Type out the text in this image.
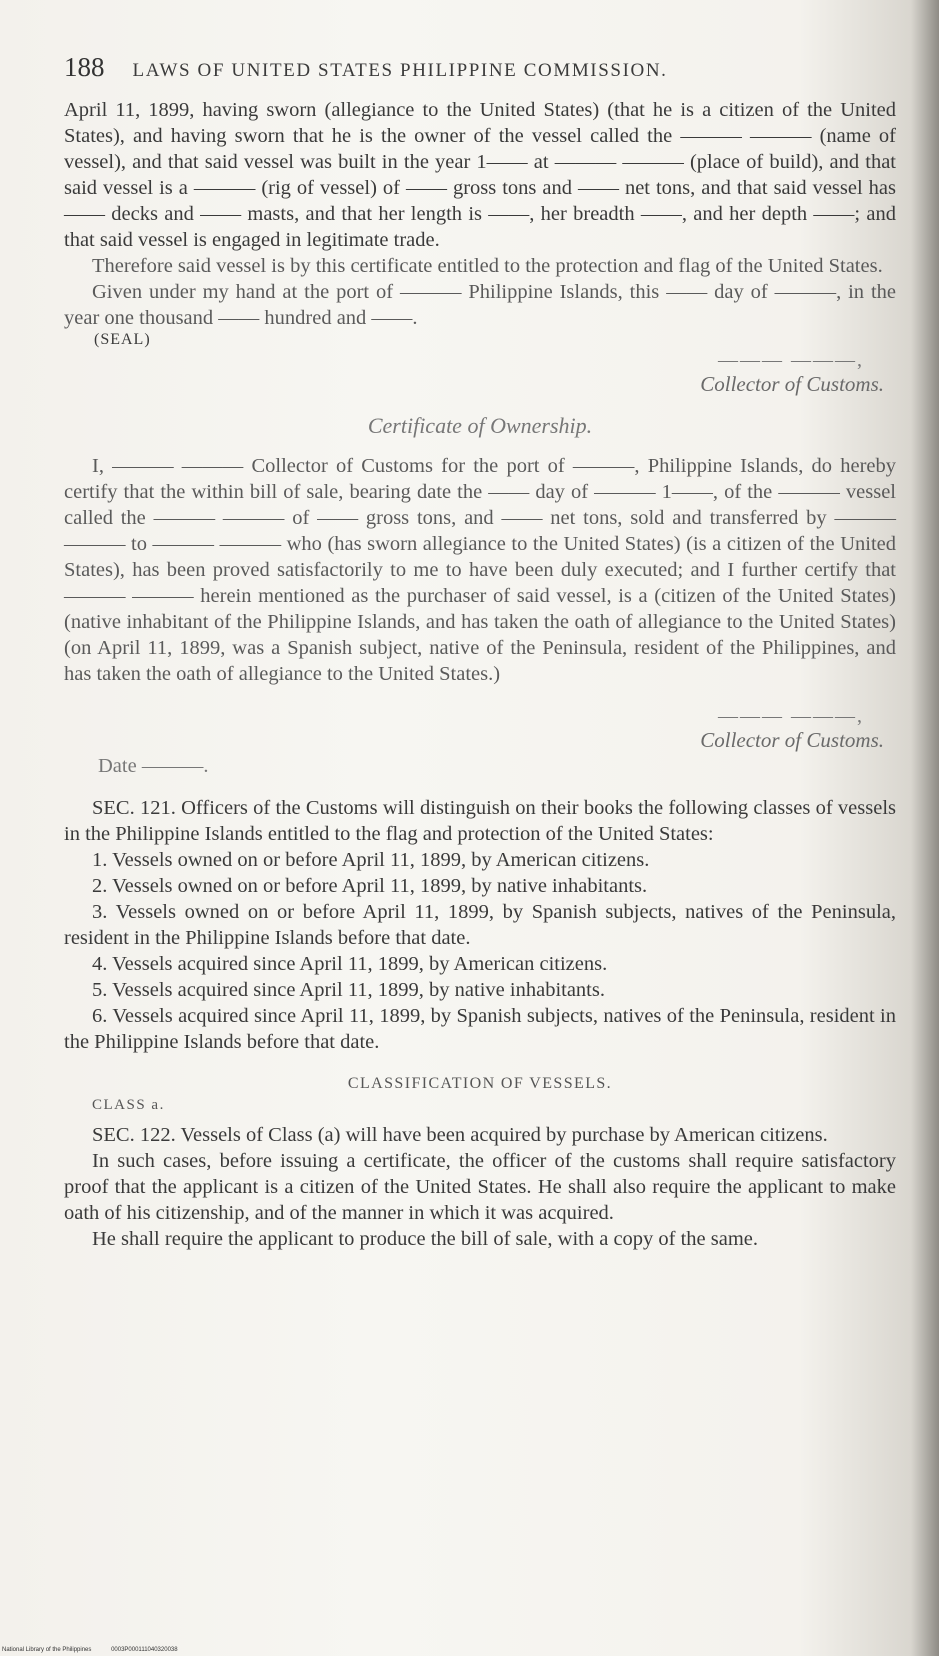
188 LAWS OF UNITED STATES PHILIPPINE COMMISSION.

April 11, 1899, having sworn (allegiance to the United States) (that he is a citizen of the United States), and having sworn that he is the owner of the vessel called the ——— ——— (name of vessel), and that said vessel was built in the year 1—— at ——— ——— (place of build), and that said vessel is a ——— (rig of vessel) of —— gross tons and —— net tons, and that said vessel has —— decks and —— masts, and that her length is ——, her breadth ——, and her depth ——; and that said vessel is engaged in legitimate trade.

Therefore said vessel is by this certificate entitled to the protection and flag of the United States.

Given under my hand at the port of ——— Philippine Islands, this —— day of ———, in the year one thousand —— hundred and ——.

(SEAL)
——— ———,
Collector of Customs.
Certificate of Ownership.

I, ——— ——— Collector of Customs for the port of ———, Philippine Islands, do hereby certify that the within bill of sale, bearing date the —— day of ——— 1——, of the ——— vessel called the ——— ——— of —— gross tons, and —— net tons, sold and transferred by ——— ——— to ——— ——— who (has sworn allegiance to the United States) (is a citizen of the United States), has been proved satisfactorily to me to have been duly executed; and I further certify that ——— ——— herein mentioned as the purchaser of said vessel, is a (citizen of the United States) (native inhabitant of the Philippine Islands, and has taken the oath of allegiance to the United States) (on April 11, 1899, was a Spanish subject, native of the Peninsula, resident of the Philippines, and has taken the oath of allegiance to the United States.)

——— ———,
Collector of Customs.

Date ———.

SEC. 121. Officers of the Customs will distinguish on their books the following classes of vessels in the Philippine Islands entitled to the flag and protection of the United States:

1. Vessels owned on or before April 11, 1899, by American citizens.

2. Vessels owned on or before April 11, 1899, by native inhabitants.

3. Vessels owned on or before April 11, 1899, by Spanish subjects, natives of the Peninsula, resident in the Philippine Islands before that date.

4. Vessels acquired since April 11, 1899, by American citizens.

5. Vessels acquired since April 11, 1899, by native inhabitants.

6. Vessels acquired since April 11, 1899, by Spanish subjects, natives of the Peninsula, resident in the Philippine Islands before that date.

CLASSIFICATION OF VESSELS.
CLASS a.

SEC. 122. Vessels of Class (a) will have been acquired by purchase by American citizens.

In such cases, before issuing a certificate, the officer of the customs shall require satisfactory proof that the applicant is a citizen of the United States. He shall also require the applicant to make oath of his citizenship, and of the manner in which it was acquired.

He shall require the applicant to produce the bill of sale, with a copy of the same.

National Library of the Philippines	0003P000111040320038
